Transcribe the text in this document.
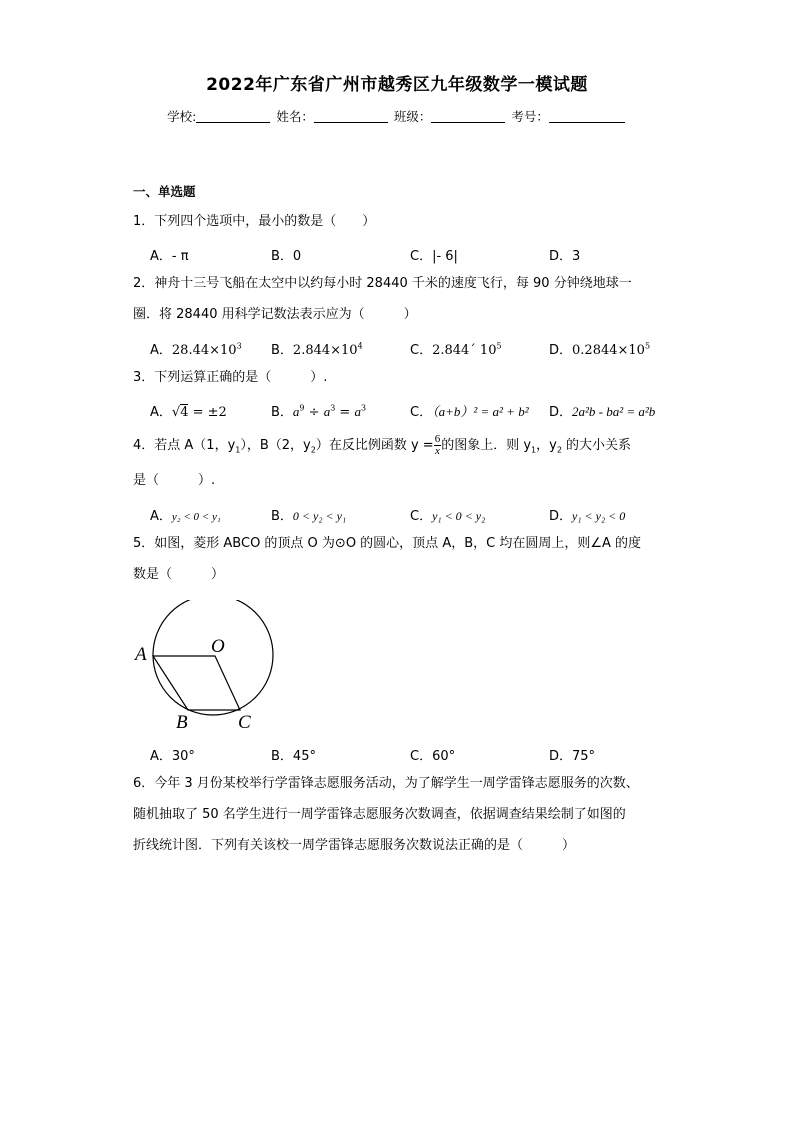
2022年广东省广州市越秀区九年级数学一模试题
学校:	姓名：	班级：	考号：
一、单选题
1．下列四个选项中，最小的数是（　　）
A．- π	B．0	C．|- 6|	D．3
2．神舟十三号飞船在太空中以约每小时 28440 千米的速度飞行，每 90 分钟绕地球一
圈．将 28440 用科学记数法表示应为（　　　）
A．$28.44\times 10^3$ B．$2.844\times 10^4$	C．2.844´ $10^5$	D．$0.2844\times 10^5$
3．下列运算正确的是（　　　）.
A．√4 = ±2	B．$a^9 \div a^3 = a^3$	C．（a+b）² = a² + b² D．2a²b - ba² = a²b
4．若点 A（1，$y_1$），B（2，$y_2$）在反比例函数 $y = \frac{6}{x}$ 的图象上．则 $y_1$，$y_2$ 的大小关系
是（　　　）.
A．y₂ < 0 < y₁	B．0 < y₂ < y₁	C．y₁ < 0 < y₂	D．y₁ < y₂ < 0
5．如图，菱形 ABCO 的顶点 O 为⊙O 的圆心，顶点 A，B，C 均在圆周上，则∠A 的度
数是（　　　）
A	O
B	C
A．30°	B．45°	C．60°	D．75°
6．今年 3 月份某校举行学雷锋志愿服务活动，为了解学生一周学雷锋志愿服务的次数、
随机抽取了 50 名学生进行一周学雷锋志愿服务次数调查，依据调查结果绘制了如图的
折线统计图．下列有关该校一周学雷锋志愿服务次数说法正确的是（　　　）
